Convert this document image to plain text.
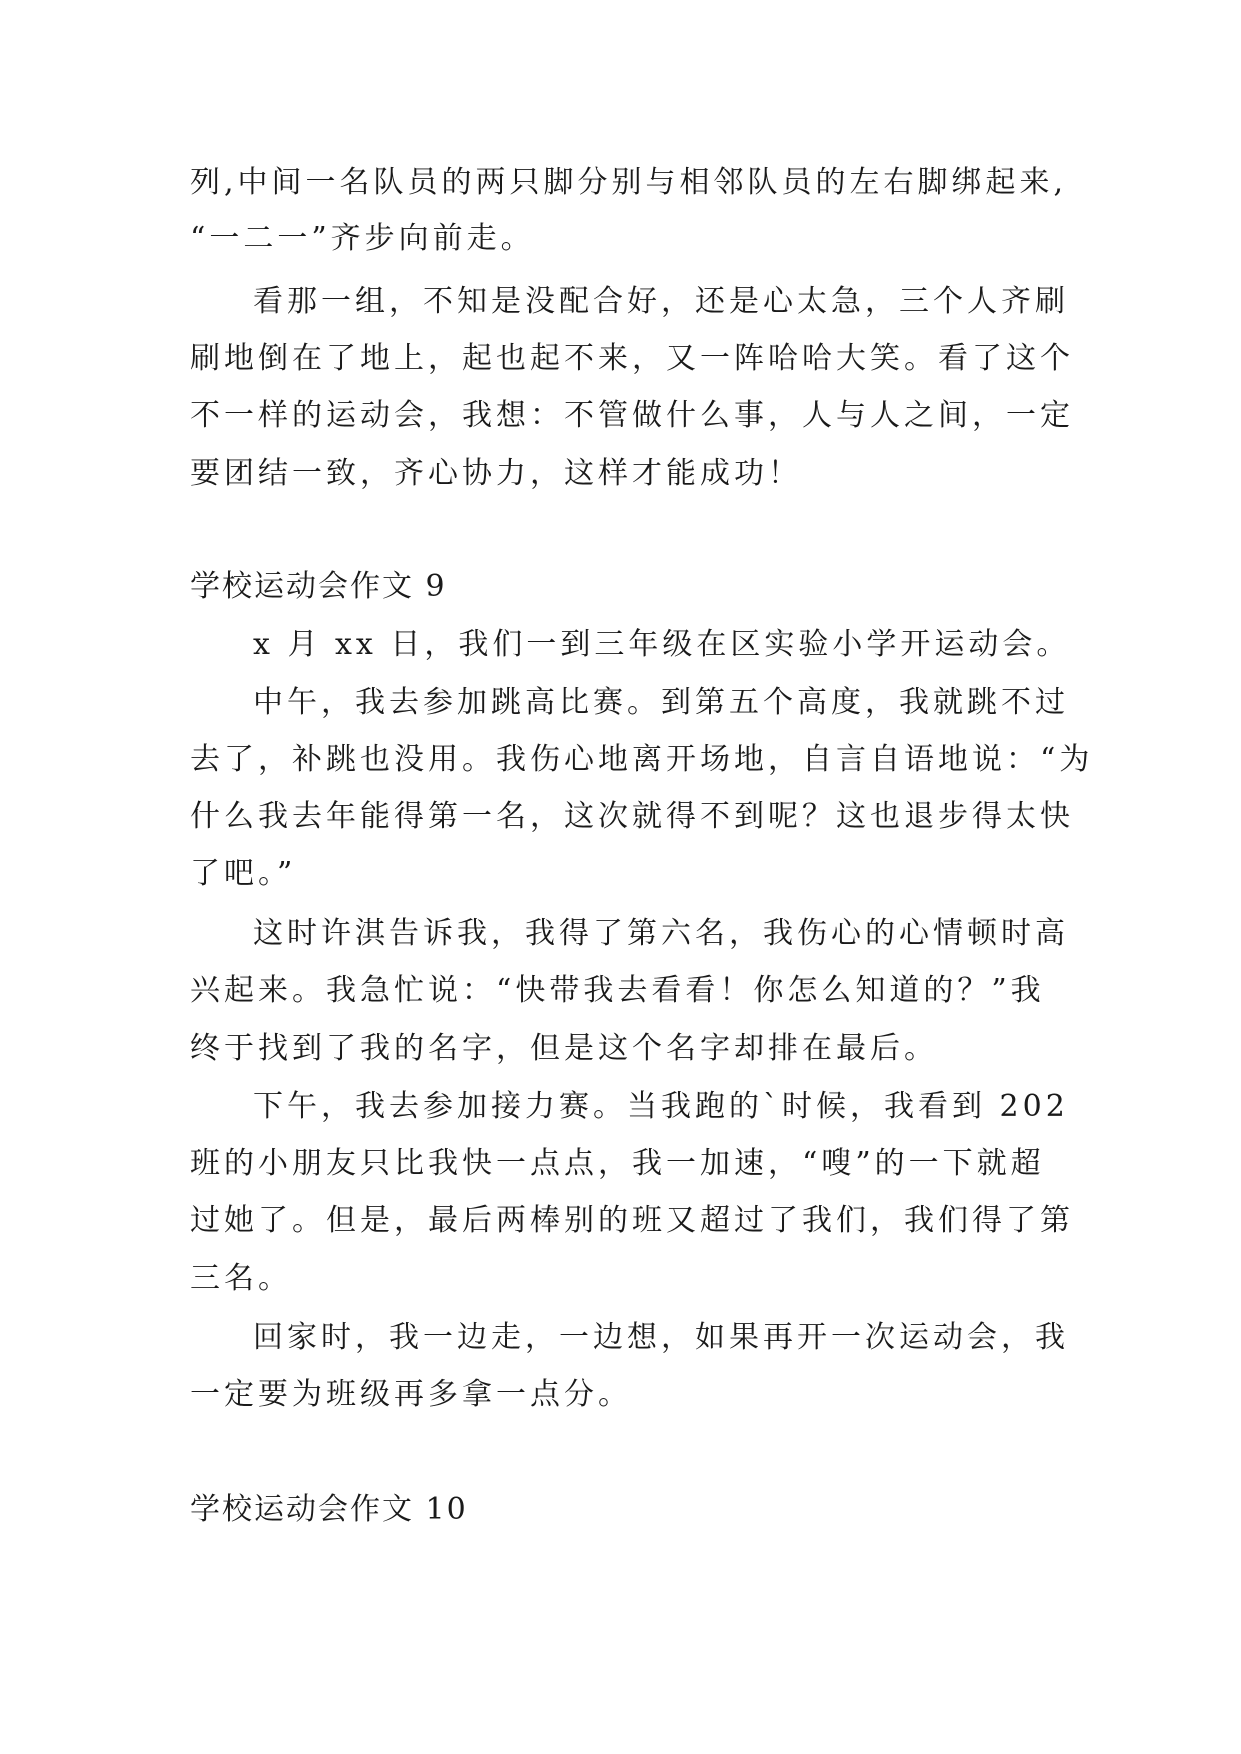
列,中间一名队员的两只脚分别与相邻队员的左右脚绑起来,
“一二一”齐步向前走。
看那一组，不知是没配合好，还是心太急，三个人齐刷
刷地倒在了地上，起也起不来，又一阵哈哈大笑。看了这个
不一样的运动会，我想：不管做什么事，人与人之间，一定
要团结一致，齐心协力，这样才能成功！
学校运动会作文 9
x 月 xx 日，我们一到三年级在区实验小学开运动会。
中午，我去参加跳高比赛。到第五个高度，我就跳不过
去了，补跳也没用。我伤心地离开场地，自言自语地说：“为
什么我去年能得第一名，这次就得不到呢？这也退步得太快
了吧。”
这时许淇告诉我，我得了第六名，我伤心的心情顿时高
兴起来。我急忙说：“快带我去看看！你怎么知道的？”我
终于找到了我的名字，但是这个名字却排在最后。
下午，我去参加接力赛。当我跑的`时候，我看到 202
班的小朋友只比我快一点点，我一加速，“嗖”的一下就超
过她了。但是，最后两棒别的班又超过了我们，我们得了第
三名。
回家时，我一边走，一边想，如果再开一次运动会，我
一定要为班级再多拿一点分。
学校运动会作文 10
